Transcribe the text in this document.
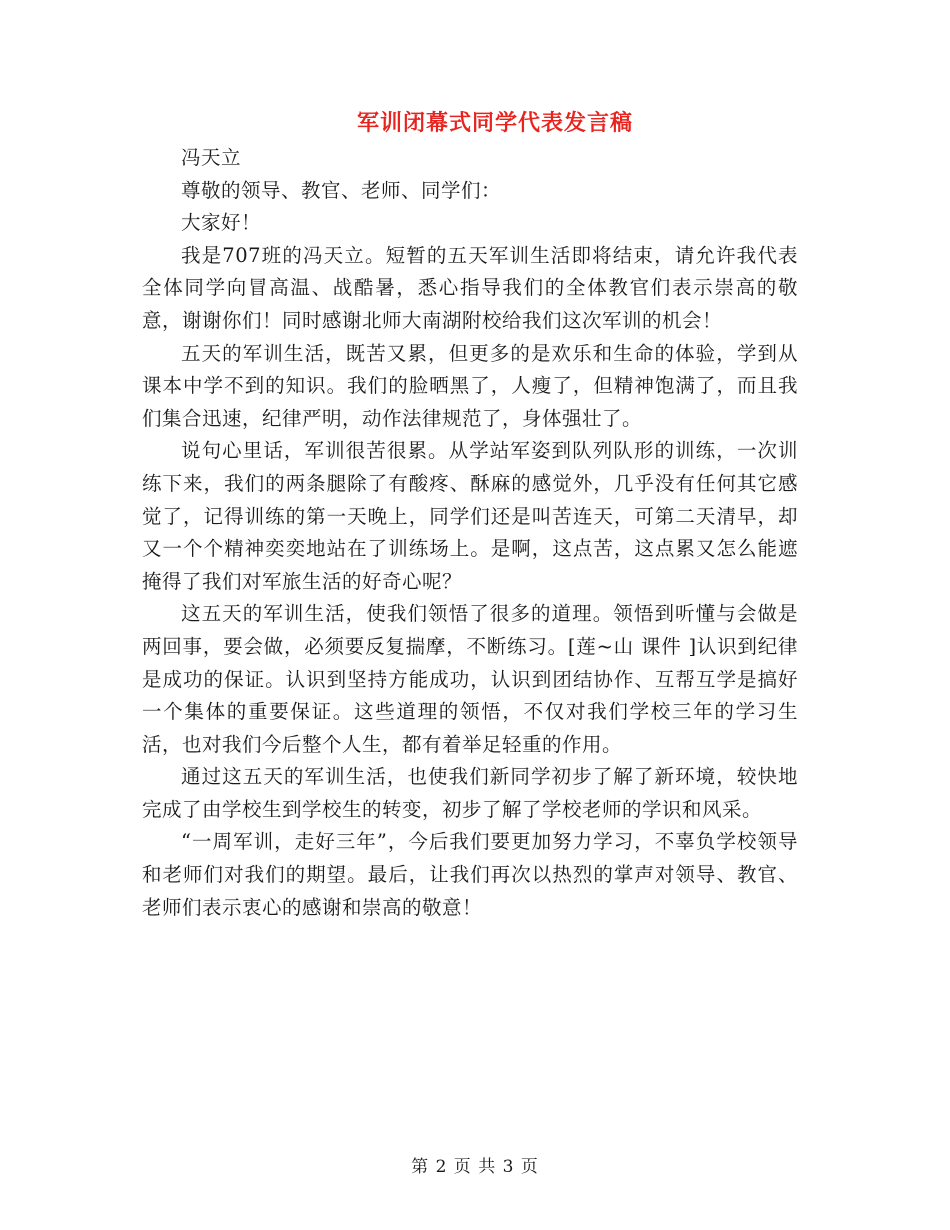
军训闭幕式同学代表发言稿

冯天立

尊敬的领导、教官、老师、同学们：

大家好！

我是707班的冯天立。短暂的五天军训生活即将结束，请允许我代表全体同学向冒高温、战酷暑，悉心指导我们的全体教官们表示崇高的敬意，谢谢你们！同时感谢北师大南湖附校给我们这次军训的机会！

五天的军训生活，既苦又累，但更多的是欢乐和生命的体验，学到从课本中学不到的知识。我们的脸晒黑了，人瘦了，但精神饱满了，而且我们集合迅速，纪律严明，动作法律规范了，身体强壮了。

说句心里话，军训很苦很累。从学站军姿到队列队形的训练，一次训练下来，我们的两条腿除了有酸疼、酥麻的感觉外，几乎没有任何其它感觉了，记得训练的第一天晚上，同学们还是叫苦连天，可第二天清早，却又一个个精神奕奕地站在了训练场上。是啊，这点苦，这点累又怎么能遮掩得了我们对军旅生活的好奇心呢？

这五天的军训生活，使我们领悟了很多的道理。领悟到听懂与会做是两回事，要会做，必须要反复揣摩，不断练习。[莲~山 课件 ]认识到纪律是成功的保证。认识到坚持方能成功，认识到团结协作、互帮互学是搞好一个集体的重要保证。这些道理的领悟，不仅对我们学校三年的学习生活，也对我们今后整个人生，都有着举足轻重的作用。

通过这五天的军训生活，也使我们新同学初步了解了新环境，较快地完成了由学校生到学校生的转变，初步了解了学校老师的学识和风采。

“一周军训，走好三年”，今后我们要更加努力学习，不辜负学校领导和老师们对我们的期望。最后，让我们再次以热烈的掌声对领导、教官、老师们表示衷心的感谢和崇高的敬意！

第 2 页 共 3 页
